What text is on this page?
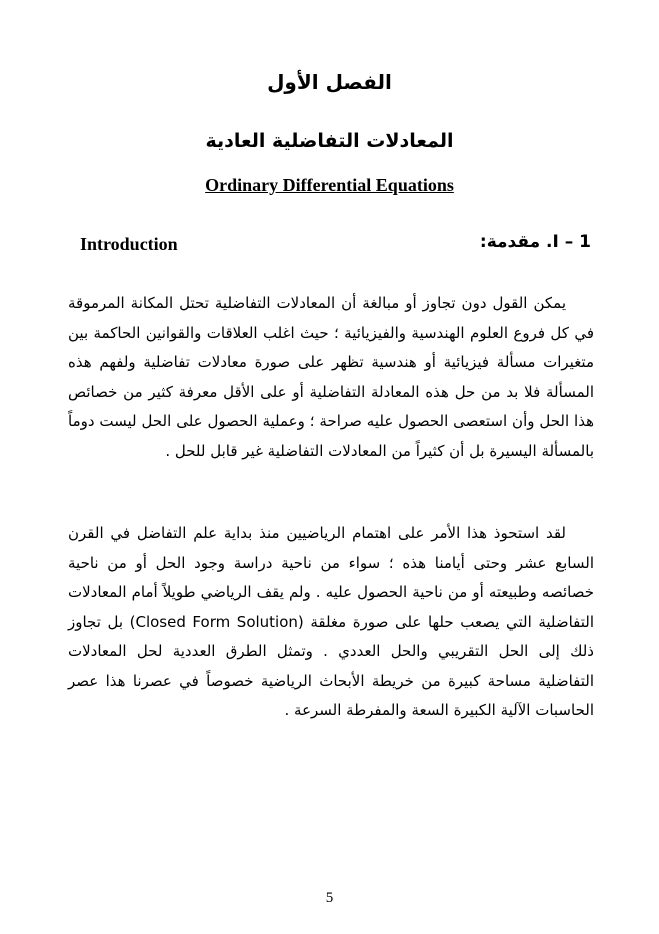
الفصل الأول
المعادلات التفاضلية العادية
Ordinary Differential Equations
Introduction	I – 1. مقدمة:
يمكن القول دون تجاوز أو مبالغة أن المعادلات التفاضلية تحتل المكانة المرموقة في كل فروع العلوم الهندسية والفيزيائية ؛ حيث اغلب العلاقات والقوانين الحاكمة بين متغيرات مسألة فيزيائية أو هندسية تظهر على صورة معادلات تفاضلية ولفهم هذه المسألة فلا بد من حل هذه المعادلة التفاضلية أو على الأقل معرفة كثير من خصائص هذا الحل وأن استعصى الحصول عليه صراحة ؛ وعملية الحصول على الحل ليست دوماً بالمسألة اليسيرة بل أن كثيراً من المعادلات التفاضلية غير قابل للحل .
لقد استحوذ هذا الأمر على اهتمام الرياضيين منذ بداية علم التفاضل في القرن السابع عشر وحتى أيامنا هذه ؛ سواء من ناحية دراسة وجود الحل أو من ناحية خصائصه وطبيعته أو من ناحية الحصول عليه . ولم يقف الرياضي طويلاً أمام المعادلات التفاضلية التي يصعب حلها على صورة مغلقة (Closed Form Solution) بل تجاوز ذلك إلى الحل التقريبي والحل العددي . وتمثل الطرق العددية لحل المعادلات التفاضلية مساحة كبيرة من خريطة الأبحاث الرياضية خصوصاً في عصرنا هذا عصر الحاسبات الآلية الكبيرة السعة والمفرطة السرعة .
5
